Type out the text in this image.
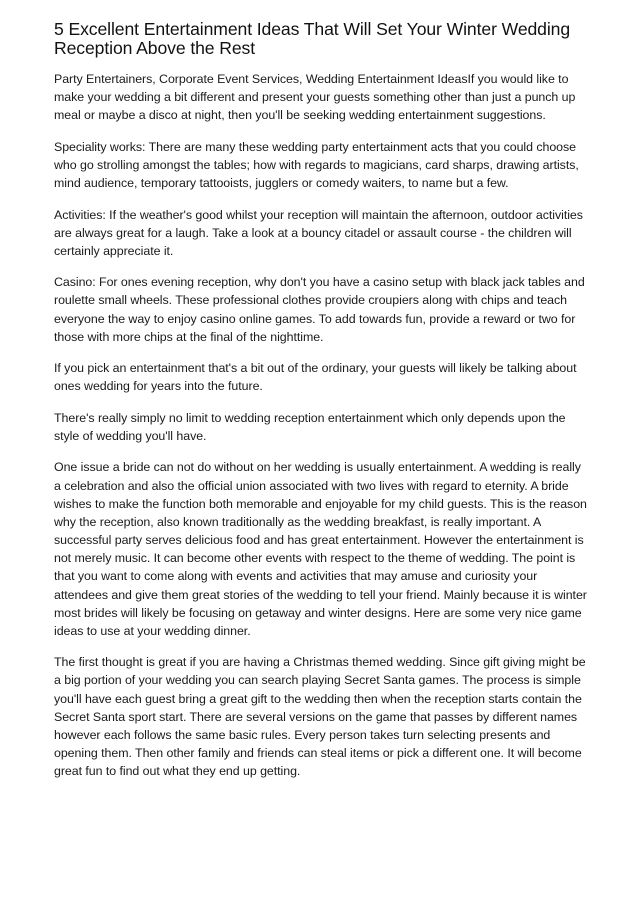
5 Excellent Entertainment Ideas That Will Set Your Winter Wedding Reception Above the Rest

Party Entertainers, Corporate Event Services, Wedding Entertainment IdeasIf you would like to make your wedding a bit different and present your guests something other than just a punch up meal or maybe a disco at night, then you'll be seeking wedding entertainment suggestions.

Speciality works: There are many these wedding party entertainment acts that you could choose who go strolling amongst the tables; how with regards to magicians, card sharps, drawing artists, mind audience, temporary tattooists, jugglers or comedy waiters, to name but a few.

Activities: If the weather's good whilst your reception will maintain the afternoon, outdoor activities are always great for a laugh. Take a look at a bouncy citadel or assault course - the children will certainly appreciate it.

Casino: For ones evening reception, why don't you have a casino setup with black jack tables and roulette small wheels. These professional clothes provide croupiers along with chips and teach everyone the way to enjoy casino online games. To add towards fun, provide a reward or two for those with more chips at the final of the nighttime.

If you pick an entertainment that's a bit out of the ordinary, your guests will likely be talking about ones wedding for years into the future.

There's really simply no limit to wedding reception entertainment which only depends upon the style of wedding you'll have.

One issue a bride can not do without on her wedding is usually entertainment. A wedding is really a celebration and also the official union associated with two lives with regard to eternity. A bride wishes to make the function both memorable and enjoyable for my child guests. This is the reason why the reception, also known traditionally as the wedding breakfast, is really important. A successful party serves delicious food and has great entertainment. However the entertainment is not merely music. It can become other events with respect to the theme of wedding. The point is that you want to come along with events and activities that may amuse and curiosity your attendees and give them great stories of the wedding to tell your friend. Mainly because it is winter most brides will likely be focusing on getaway and winter designs. Here are some very nice game ideas to use at your wedding dinner.

The first thought is great if you are having a Christmas themed wedding. Since gift giving might be a big portion of your wedding you can search playing Secret Santa games. The process is simple you'll have each guest bring a great gift to the wedding then when the reception starts contain the Secret Santa sport start. There are several versions on the game that passes by different names however each follows the same basic rules. Every person takes turn selecting presents and opening them. Then other family and friends can steal items or pick a different one. It will become great fun to find out what they end up getting.
